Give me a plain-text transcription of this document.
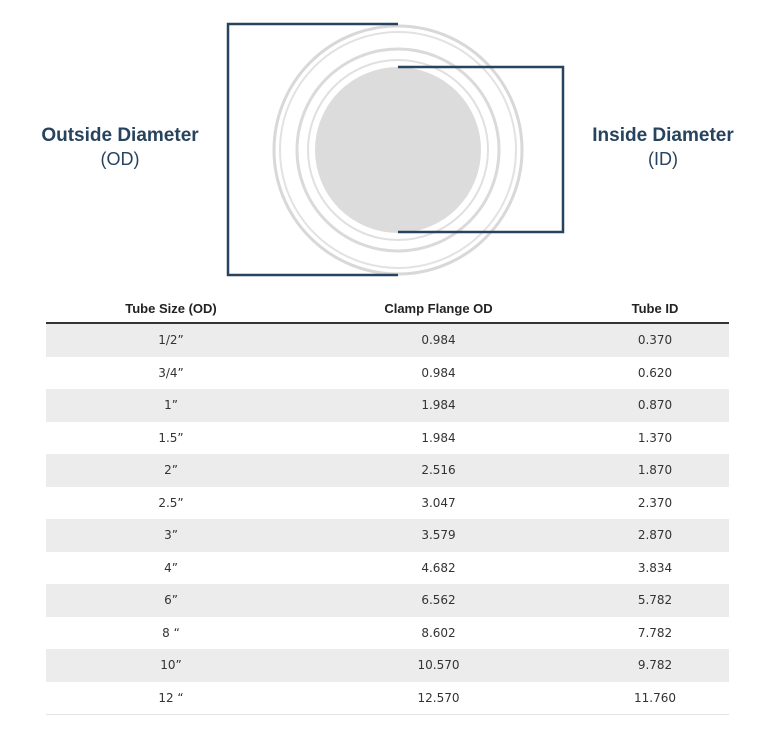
Outside Diameter
(OD)
Inside Diameter
(ID)
Tube Size (OD)	Clamp Flange OD	Tube ID
1/2”	0.984	0.370
3/4”	0.984	0.620
1”	1.984	0.870
1.5”	1.984	1.370
2”	2.516	1.870
2.5”	3.047	2.370
3”	3.579	2.870
4”	4.682	3.834
6”	6.562	5.782
8 “	8.602	7.782
10”	10.570	9.782
12 “	12.570	11.760
